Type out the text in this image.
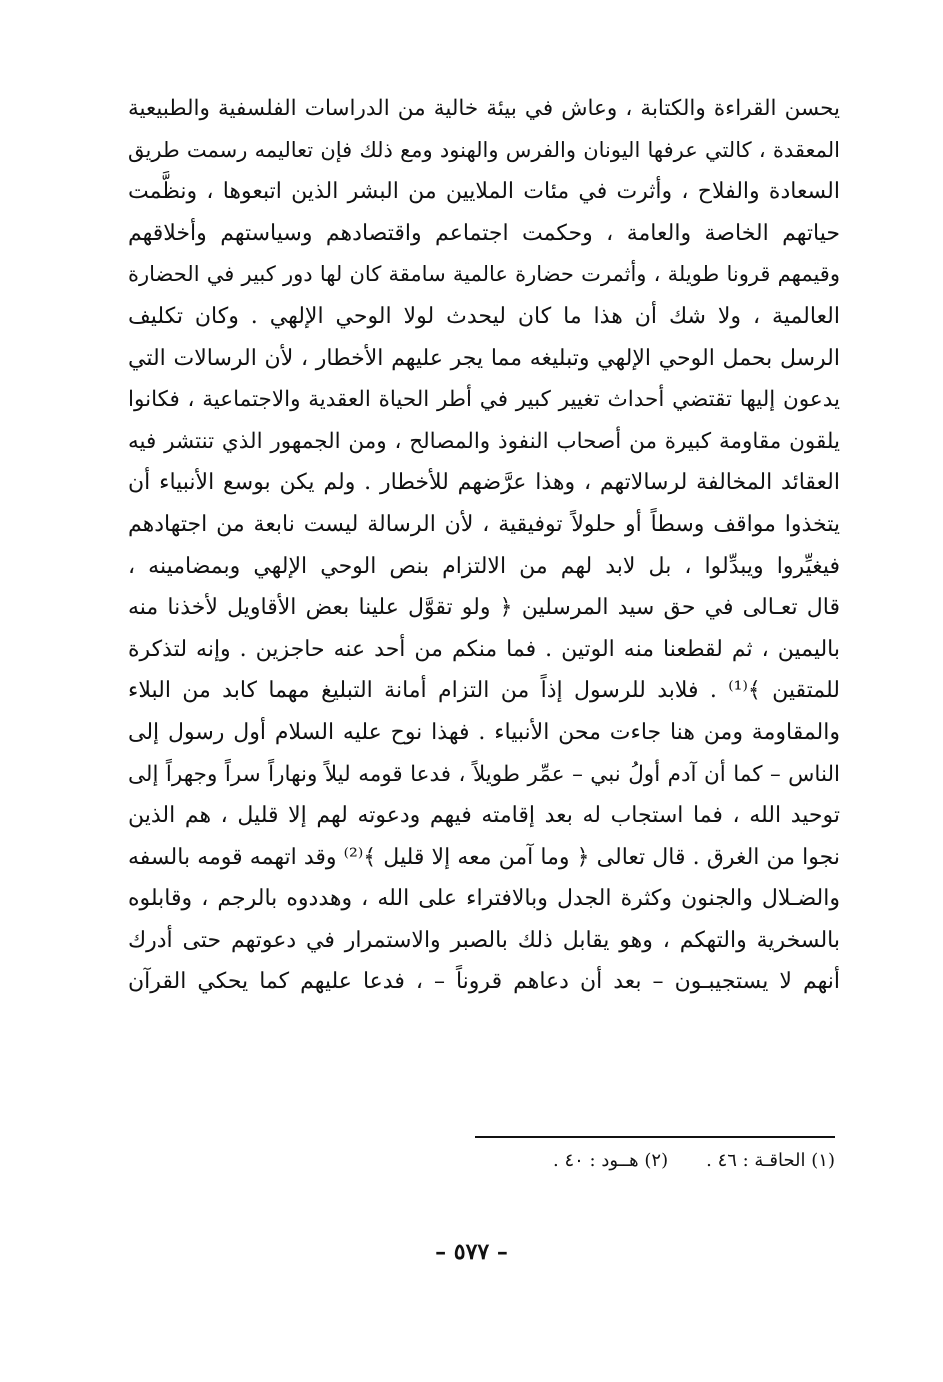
يحسن القراءة والكتابة ، وعاش في بيئة خالية من الدراسات الفلسفية والطبيعية
المعقدة ، كالتي عرفها اليونان والفرس والهنود ومع ذلك فإن تعاليمه رسمت طريق
السعادة والفلاح ، وأثرت في مئات الملايين من البشر الذين اتبعوها ، ونظَّمت
حياتهم الخاصة والعامة ، وحكمت اجتماعم واقتصادهم وسياستهم وأخلاقهم
وقيمهم قرونا طويلة ، وأثمرت حضارة عالمية سامقة كان لها دور كبير في الحضارة
العالمية ، ولا شك أن هذا ما كان ليحدث لولا الوحي الإلهي . وكان تكليف
الرسل بحمل الوحي الإلهي وتبليغه مما يجر عليهم الأخطار ، لأن الرسالات التي
يدعون إليها تقتضي أحداث تغيير كبير في أطر الحياة العقدية والاجتماعية ، فكانوا
يلقون مقاومة كبيرة من أصحاب النفوذ والمصالح ، ومن الجمهور الذي تنتشر فيه
العقائد المخالفة لرسالاتهم ، وهذا عرَّضهم للأخطار . ولم يكن بوسع الأنبياء أن
يتخذوا مواقف وسطاً أو حلولاً توفيقية ، لأن الرسالة ليست نابعة من اجتهادهم
فيغيِّروا ويبدِّلوا ، بل لابد لهم من الالتزام بنص الوحي الإلهي وبمضامينه ،
قال تعـالى في حق سيد المرسلين ﴿ ولو تقوَّل علينا بعض الأقاويل لأخذنا منه
باليمين ، ثم لقطعنا منه الوتين . فما منكم من أحد عنه حاجزين . وإنه لتذكرة
للمتقين ﴾⁽¹⁾ . فلابد للرسول إذاً من التزام أمانة التبليغ مهما كابد من البلاء
والمقاومة ومن هنا جاءت محن الأنبياء . فهذا نوح عليه السلام أول رسول إلى
الناس – كما أن آدم أولُ نبي – عمِّر طويلاً ، فدعا قومه ليلاً ونهاراً سراً وجهراً إلى
توحيد الله ، فما استجاب له بعد إقامته فيهم ودعوته لهم إلا قليل ، هم الذين
نجوا من الغرق . قال تعالى ﴿ وما آمن معه إلا قليل ﴾⁽²⁾ وقد اتهمه قومه بالسفه
والضـلال والجنون وكثرة الجدل وبالافتراء على الله ، وهددوه بالرجم ، وقابلوه
بالسخرية والتهكم ، وهو يقابل ذلك بالصبر والاستمرار في دعوتهم حتى أدرك
أنهم لا يستجيبـون – بعد أن دعاهم قروناً – ، فدعا عليهم كما يحكي القرآن
(١) الحاقـة : ٤٦ .(٢) هــود : ٤٠ .
– ٥٧٧ –
